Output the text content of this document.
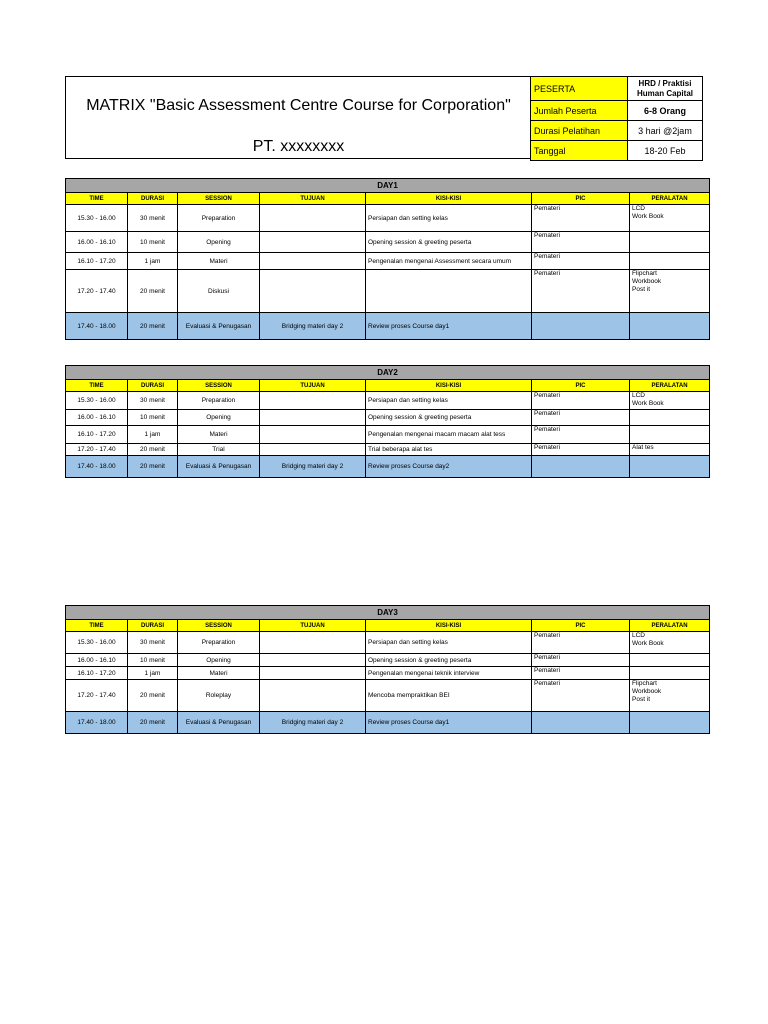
MATRIX "Basic Assessment Centre Course for Corporation"
PT. xxxxxxxx
PESERTA	HRD / Praktisi
Human Capital
Jumlah Peserta	6-8 Orang
Durasi Pelatihan	3 hari @2jam
Tanggal	18-20 Feb
DAY1						
TIME	DURASI	SESSION	TUJUAN	KISI-KISI	PIC	PERALATAN
15.30 - 16.00	30 menit	Preparation		Persiapan dan setting kelas	Pemateri	LCD
Work Book
16.00 - 16.10	10 menit	Opening		Opening session & greeting peserta	Pemateri	
16.10 - 17.20	1 jam	Materi		Pengenalan mengenai Assessment secara umum	Pemateri	
17.20 - 17.40	20 menit	Diskusi			Pemateri	Flipchart
Workbook
Post it
17.40 - 18.00	20 menit	Evaluasi & Penugasan	Bridging materi day 2	Review proses Course day1		
DAY2						
TIME	DURASI	SESSION	TUJUAN	KISI-KISI	PIC	PERALATAN
15.30 - 16.00	30 menit	Preparation		Persiapan dan setting kelas	Pemateri	LCD
Work Book
16.00 - 16.10	10 menit	Opening		Opening session & greeting peserta	Pemateri	
16.10 - 17.20	1 jam	Materi		Pengenalan mengenai macam macam alat tess	Pemateri	
17.20 - 17.40	20 menit	Trial		Trial beberapa alat tes	Pemateri	Alat tes
17.40 - 18.00	20 menit	Evaluasi & Penugasan	Bridging materi day 2	Review proses Course day2		
DAY3						
TIME	DURASI	SESSION	TUJUAN	KISI-KISI	PIC	PERALATAN
15.30 - 16.00	30 menit	Preparation		Persiapan dan setting kelas	Pemateri	LCD
Work Book
16.00 - 16.10	10 menit	Opening		Opening session & greeting peserta	Pemateri	
16.10 - 17.20	1 jam	Materi		Pengenalan mengenai teknik interview	Pemateri	
17.20 - 17.40	20 menit	Roleplay		Mencoba mempraktikan BEI	Pemateri	Flipchart
Workbook
Post it
17.40 - 18.00	20 menit	Evaluasi & Penugasan	Bridging materi day 2	Review proses Course day1		
